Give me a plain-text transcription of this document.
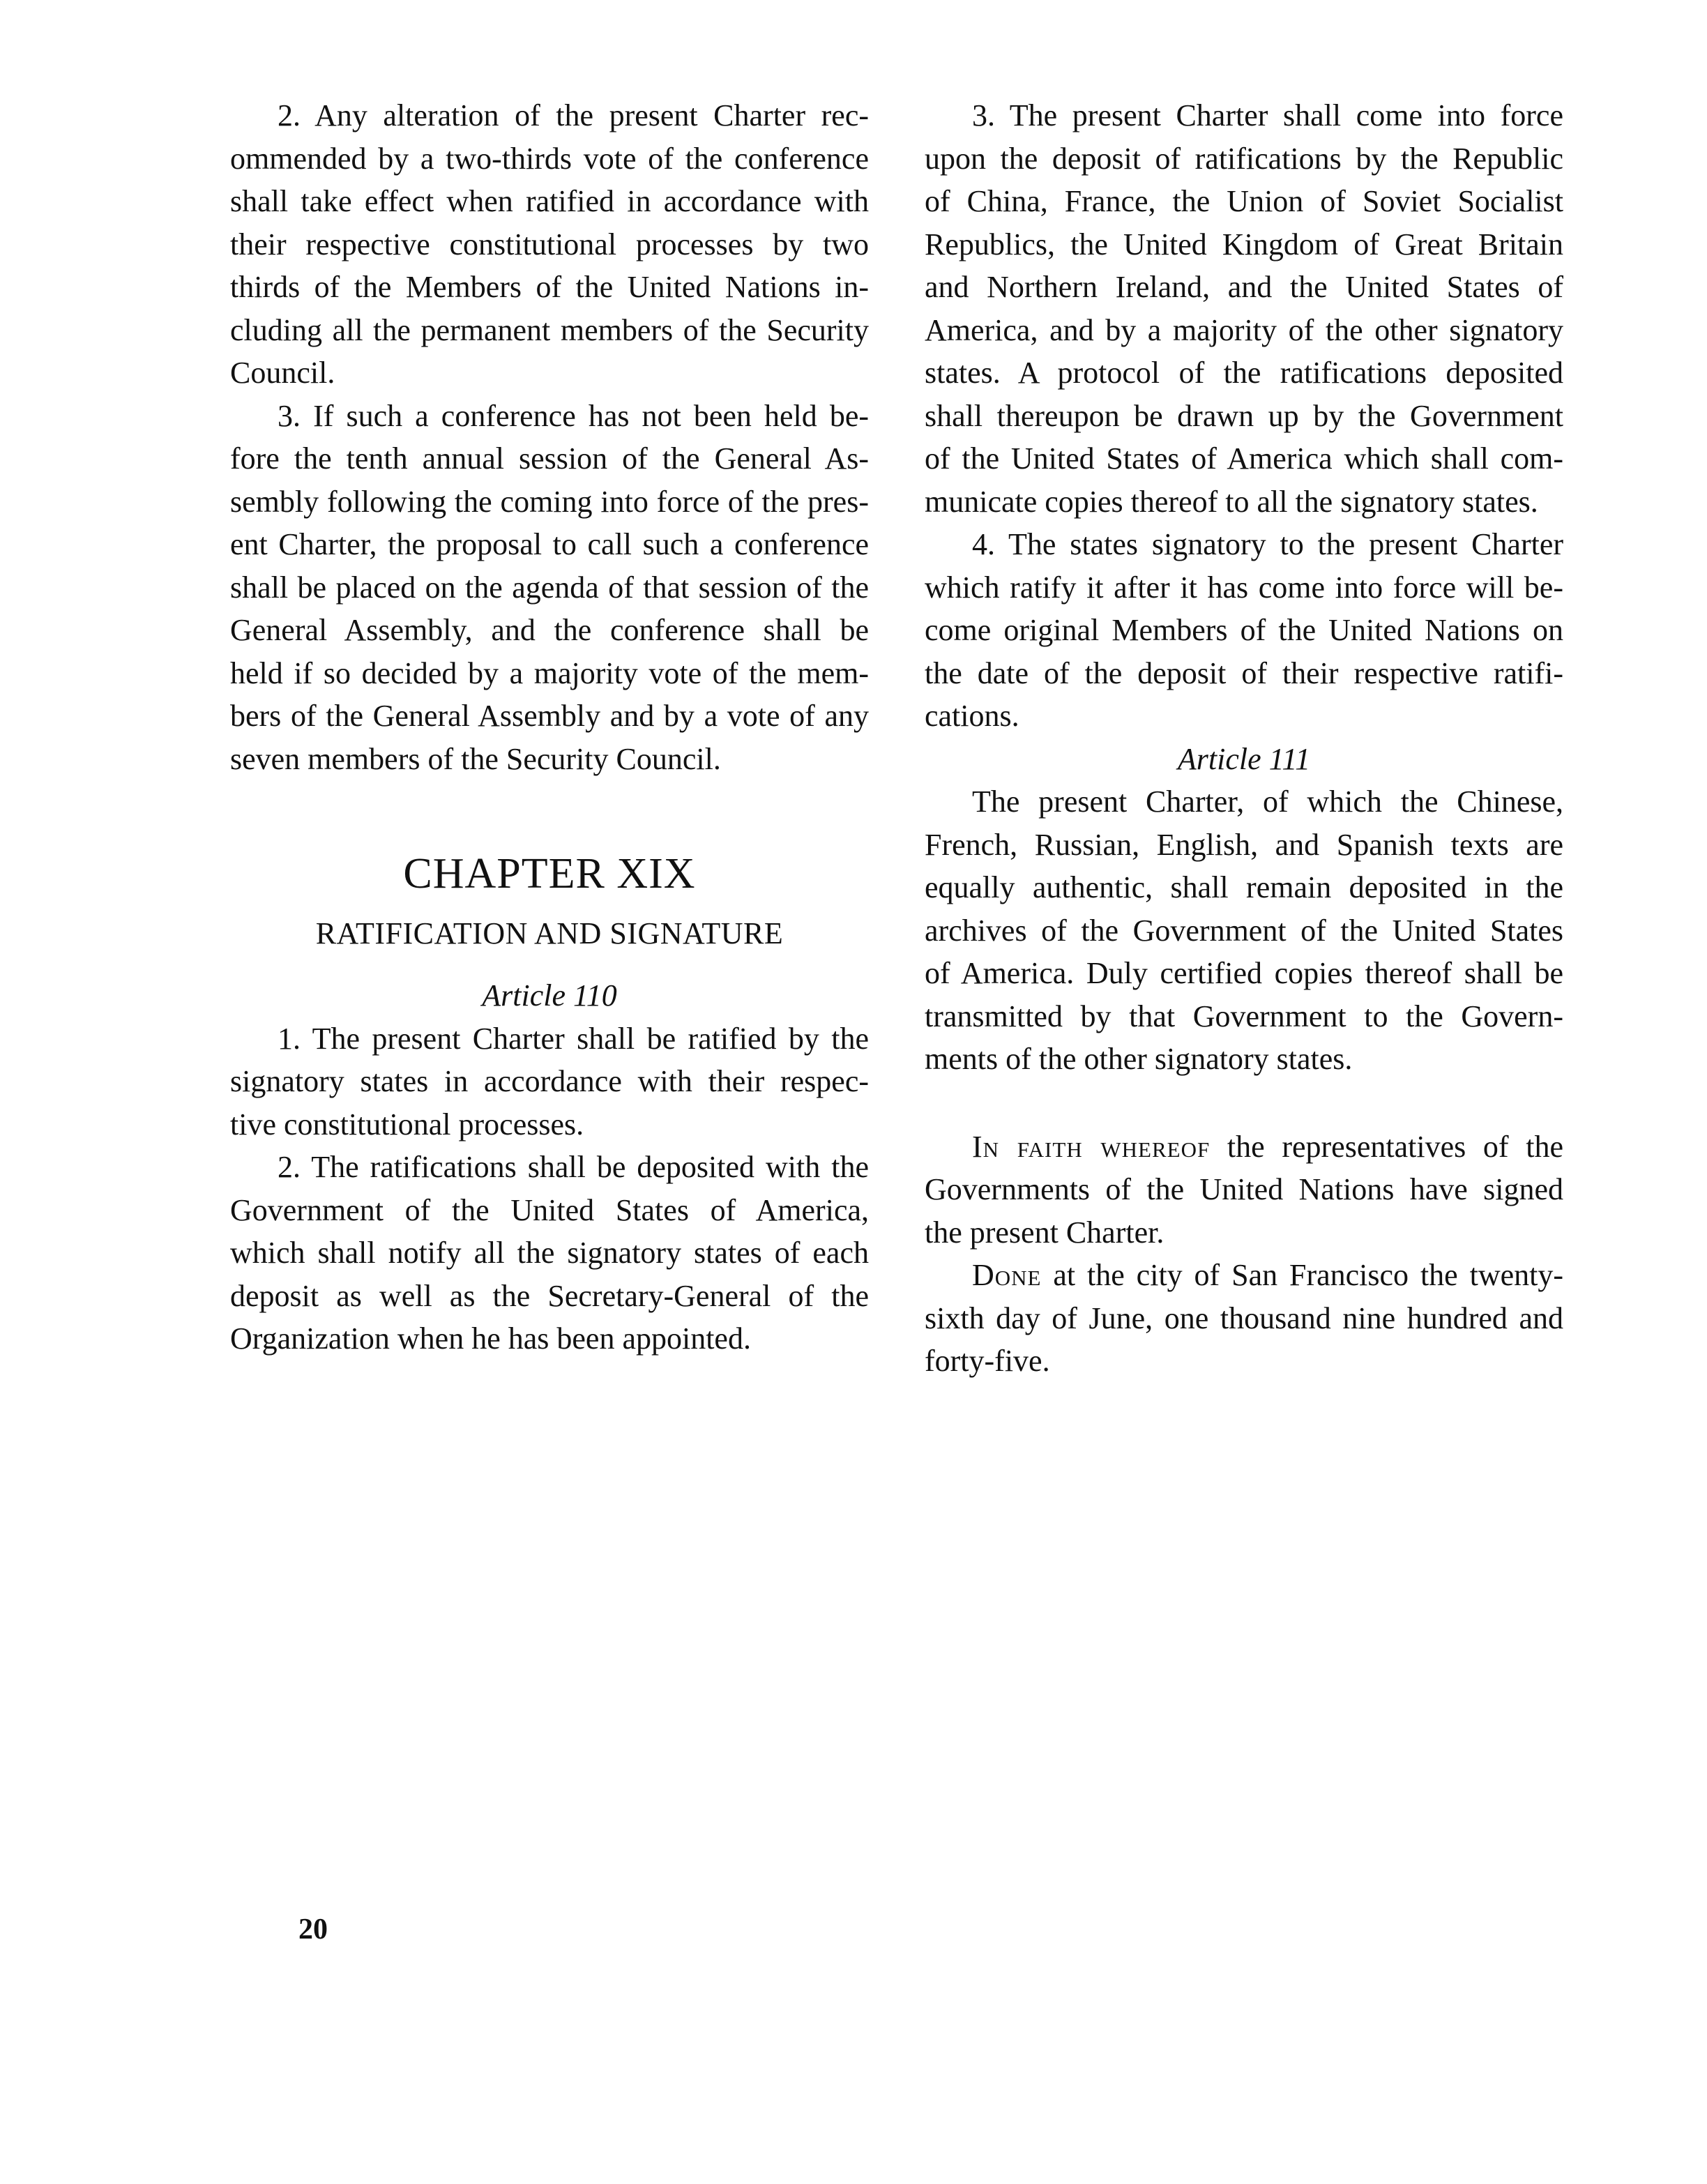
2. Any alteration of the present Charter rec-
ommended by a two-thirds vote of the conference
shall take effect when ratified in accordance with
their respective constitutional processes by two
thirds of the Members of the United Nations in-
cluding all the permanent members of the Security
Council.

3. If such a conference has not been held be-
fore the tenth annual session of the General As-
sembly following the coming into force of the pres-
ent Charter, the proposal to call such a conference
shall be placed on the agenda of that session of the
General Assembly, and the conference shall be
held if so decided by a majority vote of the mem-
bers of the General Assembly and by a vote of any
seven members of the Security Council.

CHAPTER XIX
RATIFICATION AND SIGNATURE
Article 110

1. The present Charter shall be ratified by the
signatory states in accordance with their respec-
tive constitutional processes.

2. The ratifications shall be deposited with the
Government of the United States of America,
which shall notify all the signatory states of each
deposit as well as the Secretary-General of the
Organization when he has been appointed.

3. The present Charter shall come into force
upon the deposit of ratifications by the Republic
of China, France, the Union of Soviet Socialist
Republics, the United Kingdom of Great Britain
and Northern Ireland, and the United States of
America, and by a majority of the other signatory
states. A protocol of the ratifications deposited
shall thereupon be drawn up by the Government
of the United States of America which shall com-
municate copies thereof to all the signatory states.

4. The states signatory to the present Charter
which ratify it after it has come into force will be-
come original Members of the United Nations on
the date of the deposit of their respective ratifi-
cations.

Article 111

The present Charter, of which the Chinese,
French, Russian, English, and Spanish texts are
equally authentic, shall remain deposited in the
archives of the Government of the United States
of America. Duly certified copies thereof shall be
transmitted by that Government to the Govern-
ments of the other signatory states.

In faith whereof the representatives of the
Governments of the United Nations have signed
the present Charter.

Done at the city of San Francisco the twenty-
sixth day of June, one thousand nine hundred and
forty-five.

20
